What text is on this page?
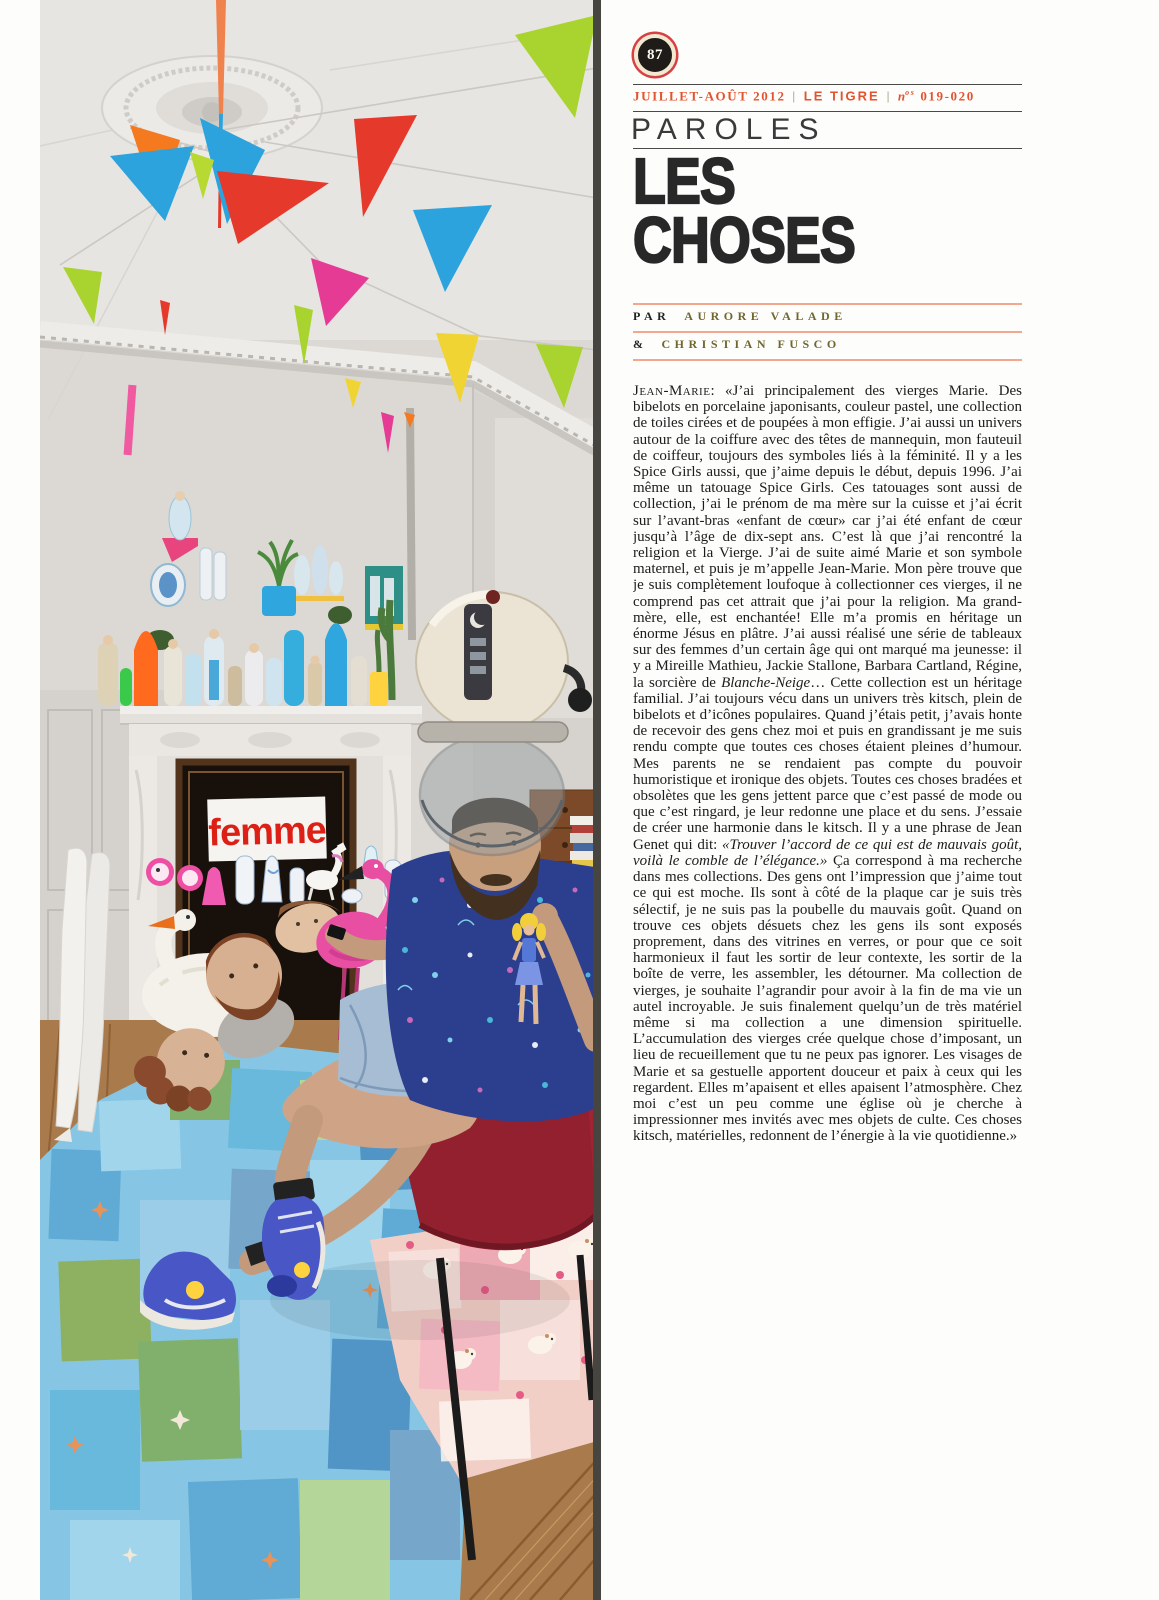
femme
87
JUILLET-AOÛT 2012 | LE TIGRE | $n^{os}$ 019-020
PAROLES
LES
CHOSES
PAR AURORE VALADE
& CHRISTIAN FUSCO
Jean-Marie: «J’ai principalement des vierges Marie. Des bibelots en porcelaine japonisants, couleur pastel, une collection de toiles cirées et de poupées à mon effigie. J’ai aussi un univers autour de la coiffure avec des têtes de mannequin, mon fauteuil de coiffeur, toujours des symboles liés à la féminité. Il y a les Spice Girls aussi, que j’aime depuis le début, depuis 1996. J’ai même un tatouage Spice Girls. Ces tatouages sont aussi de collection, j’ai le prénom de ma mère sur la cuisse et j’ai écrit sur l’avant-bras «enfant de cœur» car j’ai été enfant de cœur jusqu’à l’âge de dix-sept ans. C’est là que j’ai rencontré la religion et la Vierge. J’ai de suite aimé Marie et son symbole maternel, et puis je m’appelle Jean-Marie. Mon père trouve que je suis complètement loufoque à collectionner ces vierges, il ne comprend pas cet attrait que j’ai pour la religion. Ma grand-mère, elle, est enchantée! Elle m’a promis en héritage un énorme Jésus en plâtre. J’ai aussi réalisé une série de tableaux sur des femmes d’un certain âge qui ont marqué ma jeunesse: il y a Mireille Mathieu, Jackie Stallone, Barbara Cartland, Régine, la sorcière de Blanche-Neige… Cette collection est un héritage familial. J’ai toujours vécu dans un univers très kitsch, plein de bibelots et d’icônes populaires. Quand j’étais petit, j’avais honte de recevoir des gens chez moi et puis en grandissant je me suis rendu compte que toutes ces choses étaient pleines d’humour. Mes parents ne se rendaient pas compte du pouvoir humoristique et ironique des objets. Toutes ces choses bradées et obsolètes que les gens jettent parce que c’est passé de mode ou que c’est ringard, je leur redonne une place et du sens. J’essaie de créer une harmonie dans le kitsch. Il y a une phrase de Jean Genet qui dit: «Trouver l’accord de ce qui est de mauvais goût, voilà le comble de l’élégance.» Ça correspond à ma recherche dans mes collections. Des gens ont l’impression que j’aime tout ce qui est moche. Ils sont à côté de la plaque car je suis très sélectif, je ne suis pas la poubelle du mauvais goût. Quand on trouve ces objets désuets chez les gens ils sont exposés proprement, dans des vitrines en verres, or pour que ce soit harmonieux il faut les sortir de leur contexte, les sortir de la boîte de verre, les assembler, les détourner. Ma collection de vierges, je souhaite l’agrandir pour avoir à la fin de ma vie un autel incroyable. Je suis finalement quelqu’un de très matériel même si ma collection a une dimension spirituelle. L’accumulation des vierges crée quelque chose d’imposant, un lieu de recueillement que tu ne peux pas ignorer. Les visages de Marie et sa gestuelle apportent douceur et paix à ceux qui les regardent. Elles m’apaisent et elles apaisent l’atmosphère. Chez moi c’est un peu comme une église où je cherche à impressionner mes invités avec mes objets de culte. Ces choses kitsch, matérielles, redonnent de l’énergie à la vie quotidienne.»
